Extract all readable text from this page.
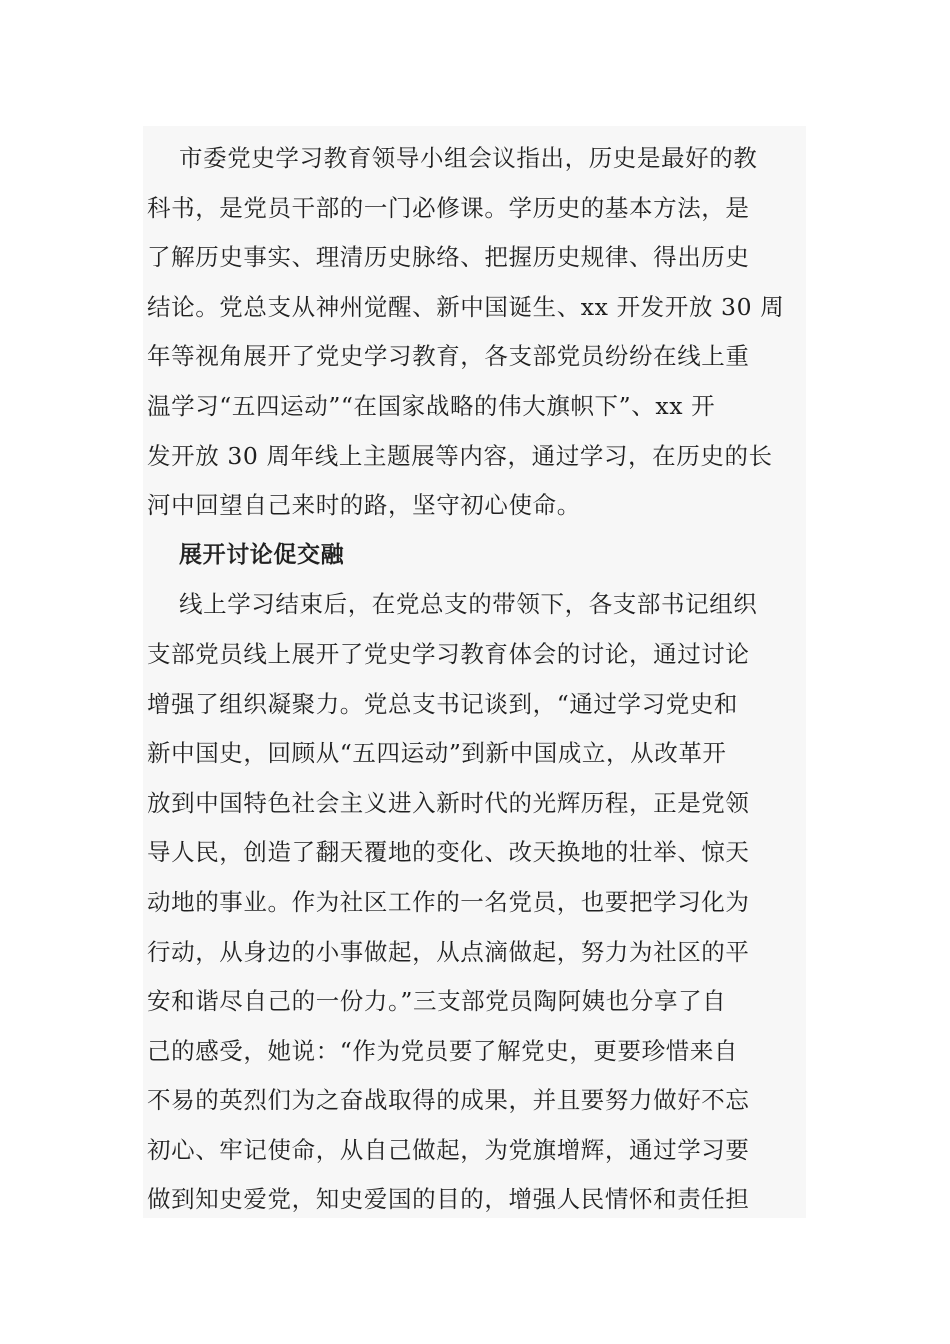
市委党史学习教育领导小组会议指出，历史是最好的教
科书，是党员干部的一门必修课。学历史的基本方法，是
了解历史事实、理清历史脉络、把握历史规律、得出历史
结论。党总支从神州觉醒、新中国诞生、xx 开发开放 30 周
年等视角展开了党史学习教育，各支部党员纷纷在线上重
温学习“五四运动”“在国家战略的伟大旗帜下”、xx 开
发开放 30 周年线上主题展等内容，通过学习，在历史的长
河中回望自己来时的路，坚守初心使命。
展开讨论促交融
线上学习结束后，在党总支的带领下，各支部书记组织
支部党员线上展开了党史学习教育体会的讨论，通过讨论
增强了组织凝聚力。党总支书记谈到，“通过学习党史和
新中国史，回顾从“五四运动”到新中国成立，从改革开
放到中国特色社会主义进入新时代的光辉历程，正是党领
导人民，创造了翻天覆地的变化、改天换地的壮举、惊天
动地的事业。作为社区工作的一名党员，也要把学习化为
行动，从身边的小事做起，从点滴做起，努力为社区的平
安和谐尽自己的一份力。”三支部党员陶阿姨也分享了自
己的感受，她说：“作为党员要了解党史，更要珍惜来自
不易的英烈们为之奋战取得的成果，并且要努力做好不忘
初心、牢记使命，从自己做起，为党旗增辉，通过学习要
做到知史爱党，知史爱国的目的，增强人民情怀和责任担
